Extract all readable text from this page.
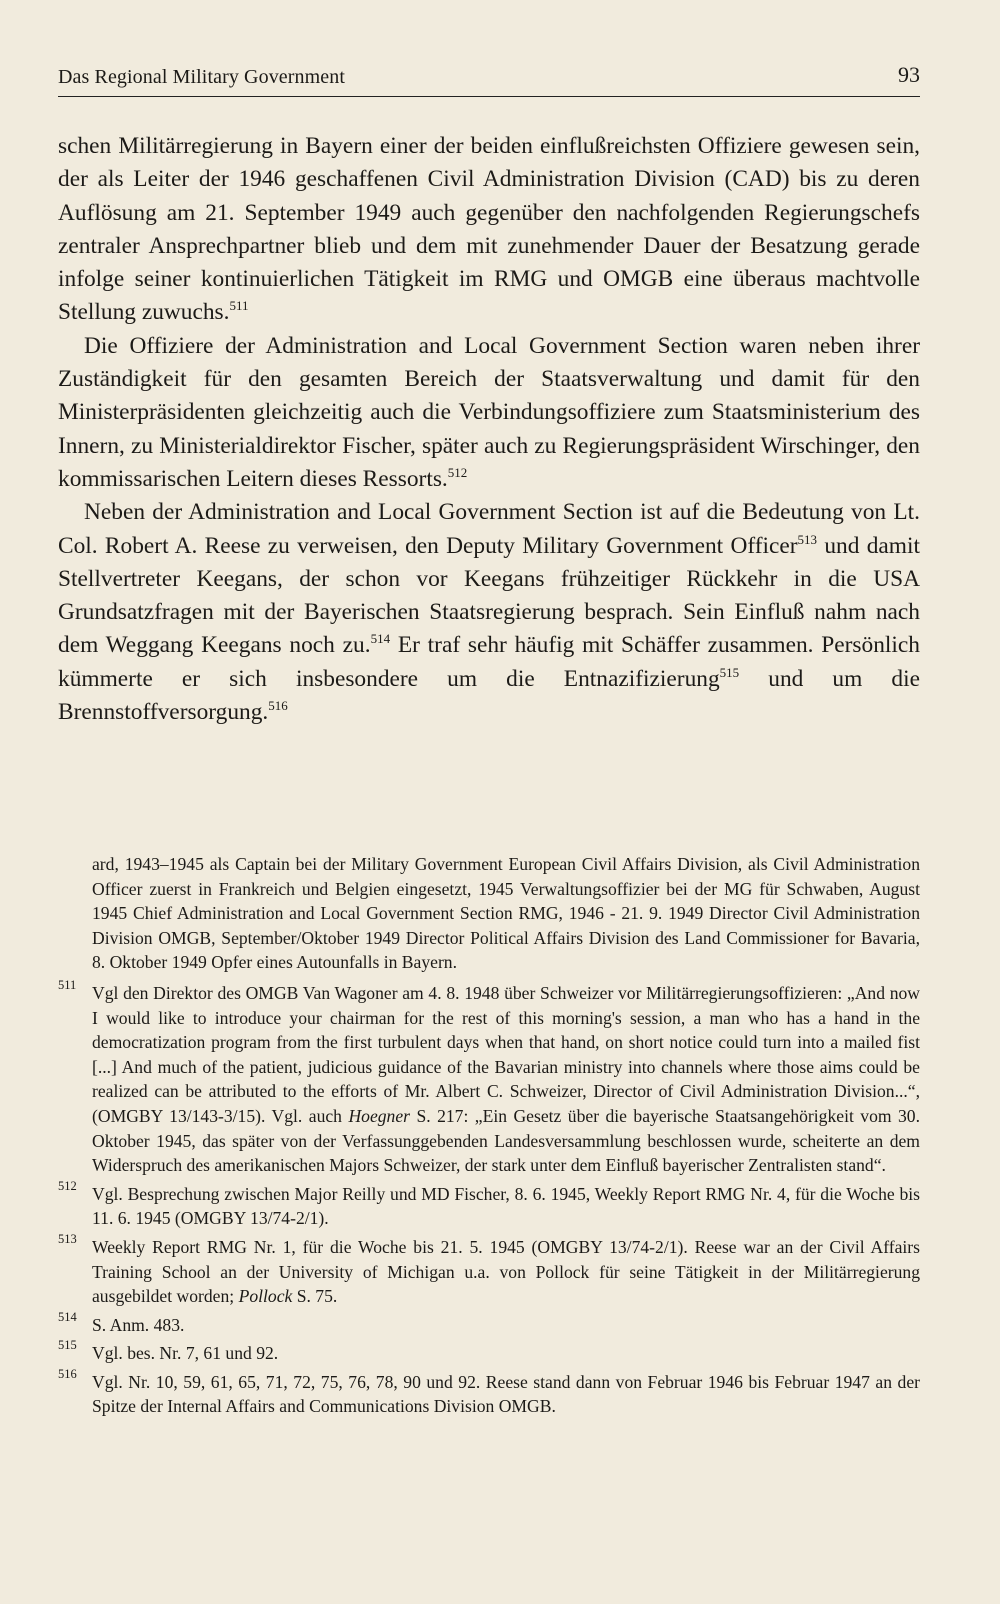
Das Regional Military Government	93

schen Militärregierung in Bayern einer der beiden einflußreichsten Offiziere gewesen sein, der als Leiter der 1946 geschaffenen Civil Administration Division (CAD) bis zu deren Auflösung am 21. September 1949 auch gegenüber den nachfolgenden Regierungschefs zentraler Ansprechpartner blieb und dem mit zunehmender Dauer der Besatzung gerade infolge seiner kontinuierlichen Tätigkeit im RMG und OMGB eine überaus machtvolle Stellung zuwuchs.$^{511}$

Die Offiziere der Administration and Local Government Section waren neben ihrer Zuständigkeit für den gesamten Bereich der Staatsverwaltung und damit für den Ministerpräsidenten gleichzeitig auch die Verbindungsoffiziere zum Staatsministerium des Innern, zu Ministerialdirektor Fischer, später auch zu Regierungspräsident Wirschinger, den kommissarischen Leitern dieses Ressorts.$^{512}$

Neben der Administration and Local Government Section ist auf die Bedeutung von Lt. Col. Robert A. Reese zu verweisen, den Deputy Military Government Officer$^{513}$ und damit Stellvertreter Keegans, der schon vor Keegans frühzeitiger Rückkehr in die USA Grundsatzfragen mit der Bayerischen Staatsregierung besprach. Sein Einfluß nahm nach dem Weggang Keegans noch zu.$^{514}$ Er traf sehr häufig mit Schäffer zusammen. Persönlich kümmerte er sich insbesondere um die Entnazifizierung$^{515}$ und um die Brennstoffversorgung.$^{516}$

ard, 1943–1945 als Captain bei der Military Government European Civil Affairs Division, als Civil Administration Officer zuerst in Frankreich und Belgien eingesetzt, 1945 Verwaltungsoffizier bei der MG für Schwaben, August 1945 Chief Administration and Local Government Section RMG, 1946 - 21. 9. 1949 Director Civil Administration Division OMGB, September/Oktober 1949 Director Political Affairs Division des Land Commissioner for Bavaria, 8. Oktober 1949 Opfer eines Autounfalls in Bayern.
511 Vgl den Direktor des OMGB Van Wagoner am 4. 8. 1948 über Schweizer vor Militärregierungsoffizieren: „And now I would like to introduce your chairman for the rest of this morning's session, a man who has a hand in the democratization program from the first turbulent days when that hand, on short notice could turn into a mailed fist [...] And much of the patient, judicious guidance of the Bavarian ministry into channels where those aims could be realized can be attributed to the efforts of Mr. Albert C. Schweizer, Director of Civil Administration Division...“, (OMGBY 13/143-3/15). Vgl. auch Hoegner S. 217: „Ein Gesetz über die bayerische Staatsangehörigkeit vom 30. Oktober 1945, das später von der Verfassunggebenden Landesversammlung beschlossen wurde, scheiterte an dem Widerspruch des amerikanischen Majors Schweizer, der stark unter dem Einfluß bayerischer Zentralisten stand“.
512 Vgl. Besprechung zwischen Major Reilly und MD Fischer, 8. 6. 1945, Weekly Report RMG Nr. 4, für die Woche bis 11. 6. 1945 (OMGBY 13/74-2/1).
513 Weekly Report RMG Nr. 1, für die Woche bis 21. 5. 1945 (OMGBY 13/74-2/1). Reese war an der Civil Affairs Training School an der University of Michigan u.a. von Pollock für seine Tätigkeit in der Militärregierung ausgebildet worden; Pollock S. 75.
514 S. Anm. 483.
515 Vgl. bes. Nr. 7, 61 und 92.
516 Vgl. Nr. 10, 59, 61, 65, 71, 72, 75, 76, 78, 90 und 92. Reese stand dann von Februar 1946 bis Februar 1947 an der Spitze der Internal Affairs and Communications Division OMGB.
